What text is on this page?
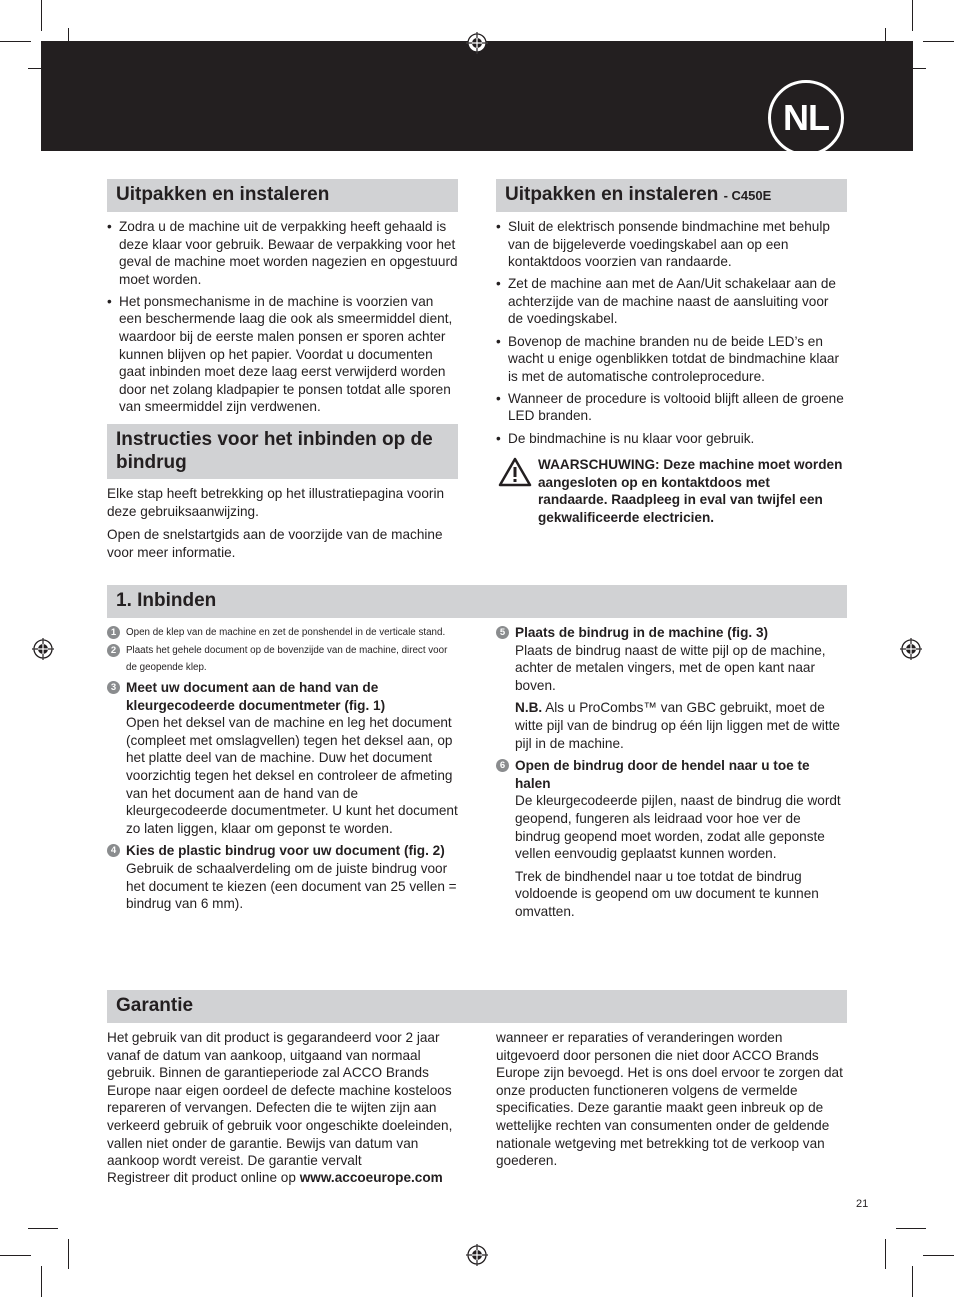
NL
Uitpakken en instaleren
• Zodra u de machine uit de verpakking heeft gehaald is deze klaar voor gebruik. Bewaar de verpakking voor het geval de machine moet worden nagezien en opgestuurd moet worden.
• Het ponsmechanisme in de machine is voorzien van een beschermende laag die ook als smeermiddel dient, waardoor bij de eerste malen ponsen er sporen achter kunnen blijven op het papier. Voordat u documenten gaat inbinden moet deze laag eerst verwijderd worden door net zolang kladpapier te ponsen totdat alle sporen van smeermiddel zijn verdwenen.
Uitpakken en instaleren - C450E
• Sluit de elektrisch ponsende bindmachine met behulp van de bijgeleverde voedingskabel aan op een kontaktdoos voorzien van randaarde.
• Zet de machine aan met de Aan/Uit schakelaar aan de achterzijde van de machine naast de aansluiting voor de voedingskabel.
• Bovenop de machine branden nu de beide LED’s en wacht u enige ogenblikken totdat de bindmachine klaar is met de automatische controleprocedure.
• Wanneer de procedure is voltooid blijft alleen de groene LED branden.
• De bindmachine is nu klaar voor gebruik.
WAARSCHUWING: Deze machine moet worden aangesloten op en kontaktdoos met randaarde. Raadpleeg in eval van twijfel een gekwalificeerde electricien.
Instructies voor het inbinden op de bindrug

Elke stap heeft betrekking op het illustratiepagina voorin deze gebruiksaanwijzing.

Open de snelstartgids aan de voorzijde van de machine voor meer informatie.

1. Inbinden
1	Open de klep van de machine en zet de ponshendel in de verticale stand.
2	Plaats het gehele document op de bovenzijde van de machine, direct voor de geopende klep.
3 Meet uw document aan de hand van de kleurgecodeerde documentmeter (fig. 1)
Open het deksel van de machine en leg het document (compleet met omslagvellen) tegen het deksel aan, op het platte deel van de machine. Duw het document voorzichtig tegen het deksel en controleer de afmeting van het document aan de hand van de kleurgecodeerde documentmeter. U kunt het document zo laten liggen, klaar om geponst te worden.
4 Kies de plastic bindrug voor uw document (fig. 2)
Gebruik de schaalverdeling om de juiste bindrug voor het document te kiezen (een document van 25 vellen = bindrug van 6 mm).
5 Plaats de bindrug in de machine (fig. 3)
Plaats de bindrug naast de witte pijl op de machine, achter de metalen vingers, met de open kant naar boven.
N.B. Als u ProCombs™ van GBC gebruikt, moet de witte pijl van de bindrug op één lijn liggen met de witte pijl in de machine.
6 Open de bindrug door de hendel naar u toe te halen
De kleurgecodeerde pijlen, naast de bindrug die wordt geopend, fungeren als leidraad voor hoe ver de bindrug geopend moet worden, zodat alle geponste vellen eenvoudig geplaatst kunnen worden.
Trek de bindhendel naar u toe totdat de bindrug voldoende is geopend om uw document te kunnen omvatten.
Garantie
Het gebruik van dit product is gegarandeerd voor 2 jaar vanaf de datum van aankoop, uitgaand van normaal gebruik. Binnen de garantieperiode zal ACCO Brands Europe naar eigen oordeel de defecte machine kosteloos repareren of vervangen. Defecten die te wijten zijn aan verkeerd gebruik of gebruik voor ongeschikte doeleinden, vallen niet onder de garantie. Bewijs van datum van aankoop wordt vereist. De garantie vervalt
wanneer er reparaties of veranderingen worden uitgevoerd door personen die niet door ACCO Brands Europe zijn bevoegd. Het is ons doel ervoor te zorgen dat onze producten functioneren volgens de vermelde specificaties. Deze garantie maakt geen inbreuk op de wettelijke rechten van consumenten onder de geldende nationale wetgeving met betrekking tot de verkoop van goederen.
Registreer dit product online op www.accoeurope.com
21
